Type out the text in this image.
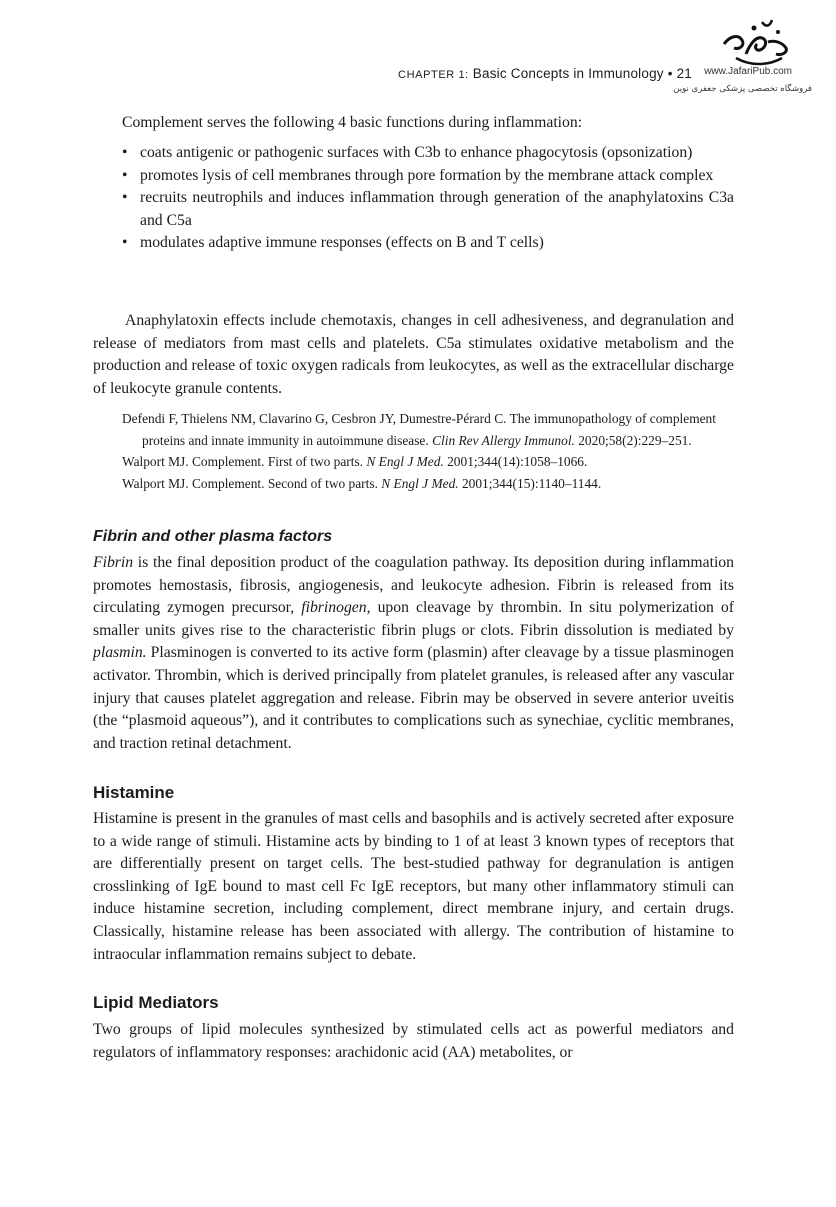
CHAPTER 1: Basic Concepts in Immunology • 21 www.JafariPub.com
فروشگاه تخصصی پزشکی جعفری نوین

Complement serves the following 4 basic functions during inflammation:

• coats antigenic or pathogenic surfaces with C3b to enhance phagocytosis (opsonization)
• promotes lysis of cell membranes through pore formation by the membrane attack complex
• recruits neutrophils and induces inflammation through generation of the anaphylatoxins C3a and C5a
• modulates adaptive immune responses (effects on B and T cells)

Anaphylatoxin effects include chemotaxis, changes in cell adhesiveness, and degranulation and release of mediators from mast cells and platelets. C5a stimulates oxidative metabolism and the production and release of toxic oxygen radicals from leukocytes, as well as the extracellular discharge of leukocyte granule contents.

Defendi F, Thielens NM, Clavarino G, Cesbron JY, Dumestre-Pérard C. The immunopathology of complement proteins and innate immunity in autoimmune disease. Clin Rev Allergy Immunol. 2020;58(2):229–251.

Walport MJ. Complement. First of two parts. N Engl J Med. 2001;344(14):1058–1066.

Walport MJ. Complement. Second of two parts. N Engl J Med. 2001;344(15):1140–1144.

Fibrin and other plasma factors

Fibrin is the final deposition product of the coagulation pathway. Its deposition during inflammation promotes hemostasis, fibrosis, angiogenesis, and leukocyte adhesion. Fibrin is released from its circulating zymogen precursor, fibrinogen, upon cleavage by thrombin. In situ polymerization of smaller units gives rise to the characteristic fibrin plugs or clots. Fibrin dissolution is mediated by plasmin. Plasminogen is converted to its active form (plasmin) after cleavage by a tissue plasminogen activator. Thrombin, which is derived principally from platelet granules, is released after any vascular injury that causes platelet aggregation and release. Fibrin may be observed in severe anterior uveitis (the “plasmoid aqueous”), and it contributes to complications such as synechiae, cyclitic membranes, and traction retinal detachment.

Histamine

Histamine is present in the granules of mast cells and basophils and is actively secreted after exposure to a wide range of stimuli. Histamine acts by binding to 1 of at least 3 known types of receptors that are differentially present on target cells. The best-studied pathway for degranulation is antigen crosslinking of IgE bound to mast cell Fc IgE receptors, but many other inflammatory stimuli can induce histamine secretion, including complement, direct membrane injury, and certain drugs. Classically, histamine release has been associated with allergy. The contribution of histamine to intraocular inflammation remains subject to debate.

Lipid Mediators

Two groups of lipid molecules synthesized by stimulated cells act as powerful mediators and regulators of inflammatory responses: arachidonic acid (AA) metabolites, or
